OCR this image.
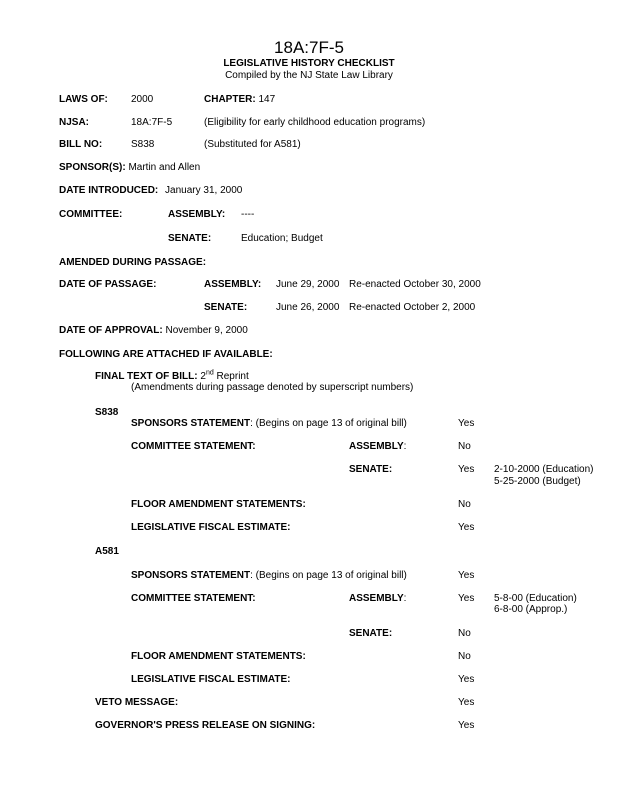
18A:7F-5
LEGISLATIVE HISTORY CHECKLIST
Compiled by the NJ State Law Library
LAWS OF: 2000	CHAPTER: 147
NJSA:	18A:7F-5	(Eligibility for early childhood education programs)
BILL NO:	S838	(Substituted for A581)
SPONSOR(S): Martin and Allen
DATE INTRODUCED: January 31, 2000
COMMITTEE:	ASSEMBLY: ----
SENATE:	Education; Budget
AMENDED DURING PASSAGE:
DATE OF PASSAGE:	ASSEMBLY: June 29, 2000 Re-enacted October 30, 2000
SENATE:	June 26, 2000 Re-enacted October 2, 2000
DATE OF APPROVAL: November 9, 2000
FOLLOWING ARE ATTACHED IF AVAILABLE:
FINAL TEXT OF BILL: 2nd Reprint
(Amendments during passage denoted by superscript numbers)
S838
SPONSORS STATEMENT: (Begins on page 13 of original bill)	Yes
COMMITTEE STATEMENT:	ASSEMBLY:	No
SENATE:	Yes 2-10-2000 (Education)
5-25-2000 (Budget)
FLOOR AMENDMENT STATEMENTS:	No
LEGISLATIVE FISCAL ESTIMATE:	Yes
A581
SPONSORS STATEMENT: (Begins on page 13 of original bill)	Yes
COMMITTEE STATEMENT:	ASSEMBLY:	Yes 5-8-00 (Education)
6-8-00 (Approp.)
SENATE:	No
FLOOR AMENDMENT STATEMENTS:	No
LEGISLATIVE FISCAL ESTIMATE:	Yes
VETO MESSAGE:	Yes
GOVERNOR'S PRESS RELEASE ON SIGNING:	Yes
